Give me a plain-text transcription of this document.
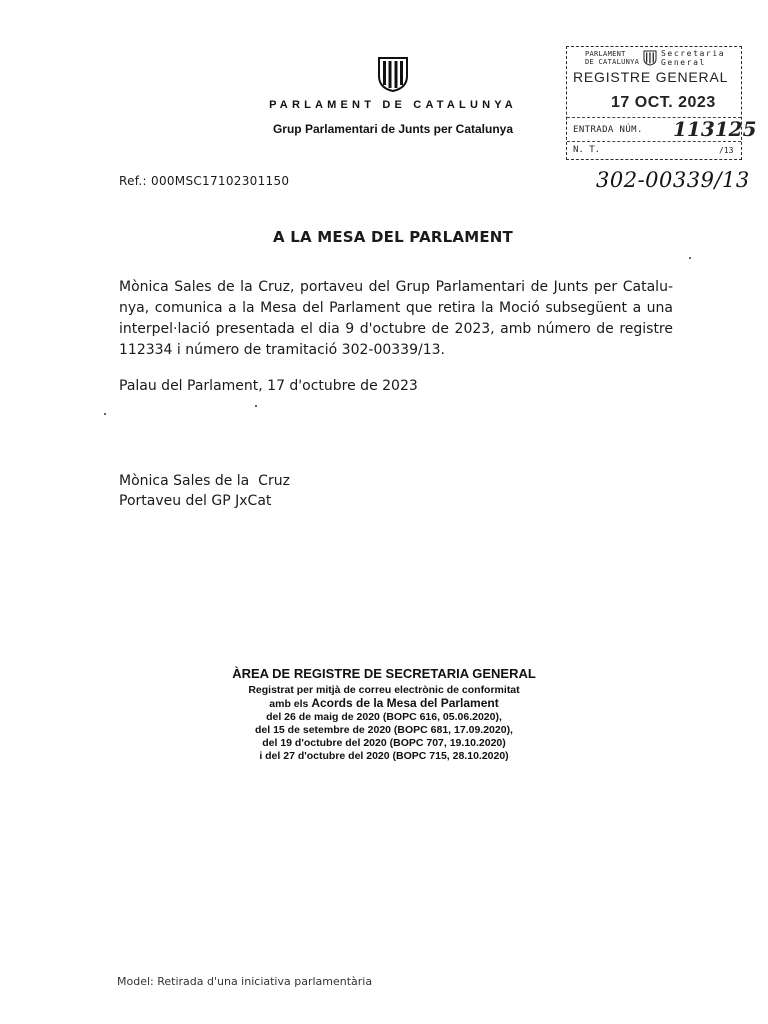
PARLAMENT DE CATALUNYA
Grup Parlamentari de Junts per Catalunya
PARLAMENT
DE CATALUNYA
Secretaria
General
REGISTRE GENERAL
17 OCT. 2023
ENTRADA NÚM. 113125
N. T.	/13
302-00339/13
Ref.: 000MSC17102301150
A LA MESA DEL PARLAMENT
Mònica Sales de la Cruz, portaveu del Grup Parlamentari de Junts per Catalu-
nya, comunica a la Mesa del Parlament que retira la Moció subsegüent a una
interpel·lació presentada el dia 9 d'octubre de 2023, amb número de registre
112334 i número de tramitació 302-00339/13.
Palau del Parlament, 17 d'octubre de 2023
Mònica Sales de la  Cruz
Portaveu del GP JxCat
ÀREA DE REGISTRE DE SECRETARIA GENERAL
Registrat per mitjà de correu electrònic de conformitat
amb els Acords de la Mesa del Parlament
del 26 de maig de 2020 (BOPC 616, 05.06.2020),
del 15 de setembre de 2020 (BOPC 681, 17.09.2020),
del 19 d'octubre del 2020 (BOPC 707, 19.10.2020)
i del 27 d'octubre del 2020 (BOPC 715, 28.10.2020)
Model: Retirada d'una iniciativa parlamentària
